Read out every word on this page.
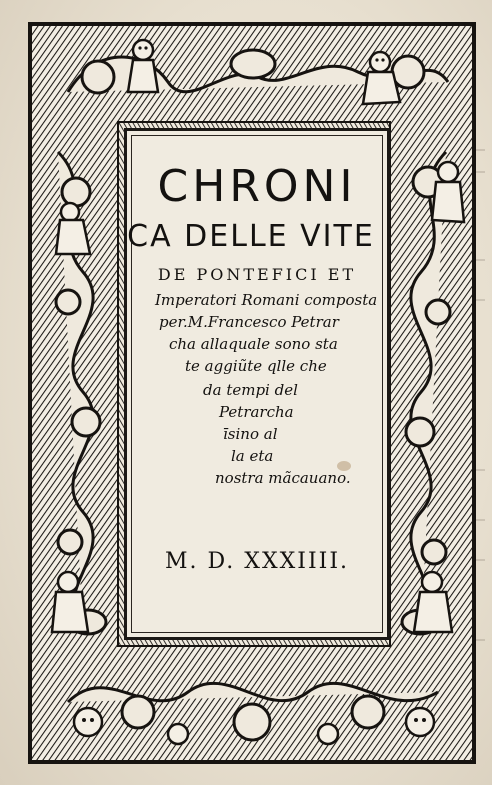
CHRONI
CA DELLE VITE
DE PONTEFICI ET
Imperatori Romani composta
per.M.Francesco Petrar
cha allaquale sono sta
te aggiũte qlle che
da tempi del
Petrarcha
īsino al
la eta
nostra mãcauano.
M. D. XXXIIII.
